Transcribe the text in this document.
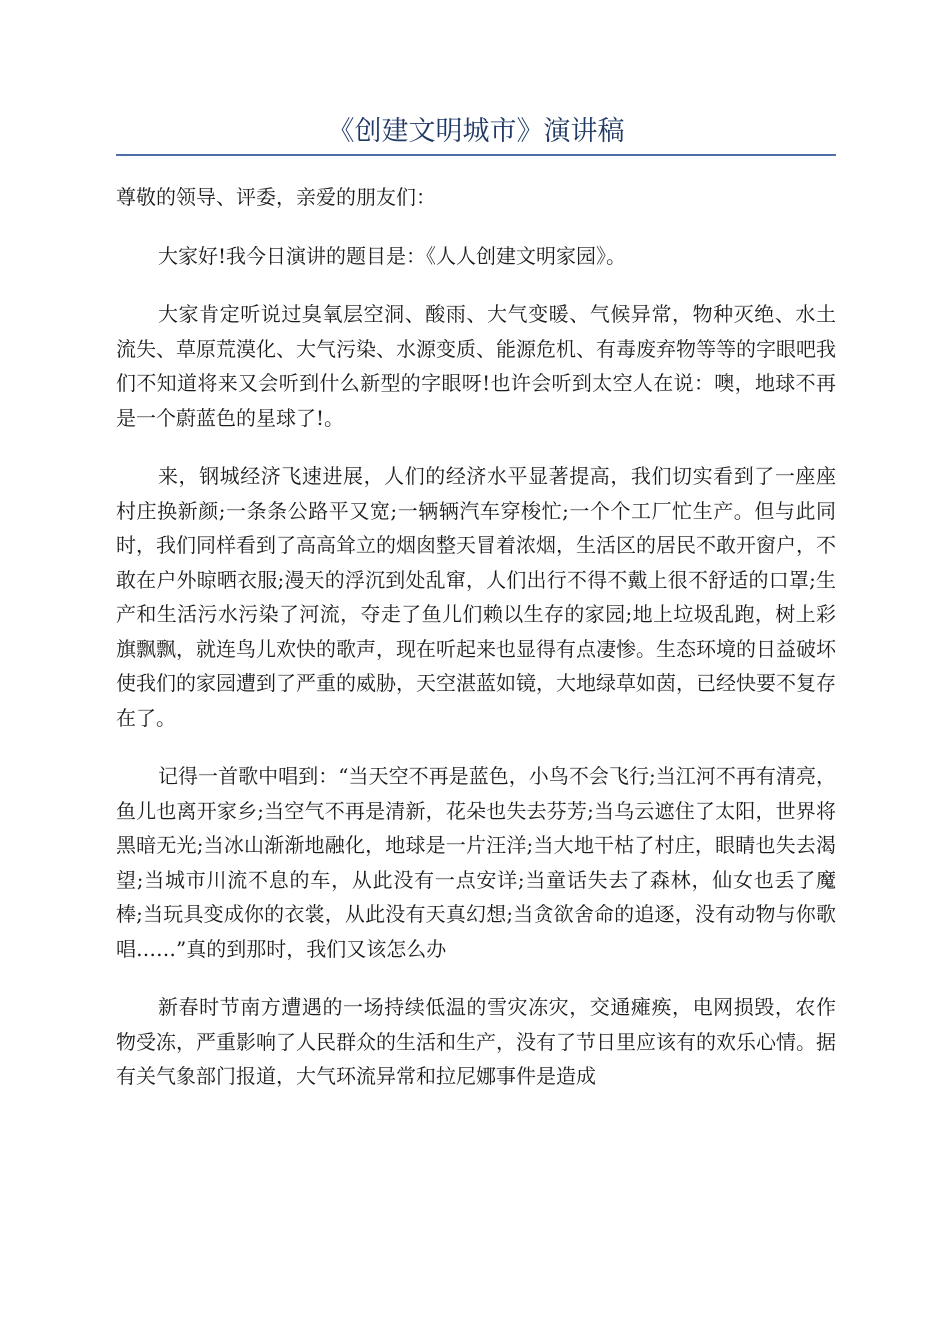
《创建文明城市》演讲稿

尊敬的领导、评委，亲爱的朋友们：

大家好!我今日演讲的题目是：《人人创建文明家园》。

大家肯定听说过臭氧层空洞、酸雨、大气变暖、气候异常，物种灭绝、水土流失、草原荒漠化、大气污染、水源变质、能源危机、有毒废弃物等等的字眼吧我们不知道将来又会听到什么新型的字眼呀!也许会听到太空人在说：噢，地球不再是一个蔚蓝色的星球了!。

来，钢城经济飞速进展，人们的经济水平显著提高，我们切实看到了一座座村庄换新颜;一条条公路平又宽;一辆辆汽车穿梭忙;一个个工厂忙生产。但与此同时，我们同样看到了高高耸立的烟囱整天冒着浓烟，生活区的居民不敢开窗户，不敢在户外晾晒衣服;漫天的浮沉到处乱窜，人们出行不得不戴上很不舒适的口罩;生产和生活污水污染了河流，夺走了鱼儿们赖以生存的家园;地上垃圾乱跑，树上彩旗飘飘，就连鸟儿欢快的歌声，现在听起来也显得有点凄惨。生态环境的日益破坏使我们的家园遭到了严重的威胁，天空湛蓝如镜，大地绿草如茵，已经快要不复存在了。

记得一首歌中唱到：“当天空不再是蓝色，小鸟不会飞行;当江河不再有清亮，鱼儿也离开家乡;当空气不再是清新，花朵也失去芬芳;当乌云遮住了太阳，世界将黑暗无光;当冰山渐渐地融化，地球是一片汪洋;当大地干枯了村庄，眼睛也失去渴望;当城市川流不息的车，从此没有一点安详;当童话失去了森林，仙女也丢了魔棒;当玩具变成你的衣裳，从此没有天真幻想;当贪欲舍命的追逐，没有动物与你歌唱……”真的到那时，我们又该怎么办

新春时节南方遭遇的一场持续低温的雪灾冻灾，交通瘫痪，电网损毁，农作物受冻，严重影响了人民群众的生活和生产，没有了节日里应该有的欢乐心情。据有关气象部门报道，大气环流异常和拉尼娜事件是造成
